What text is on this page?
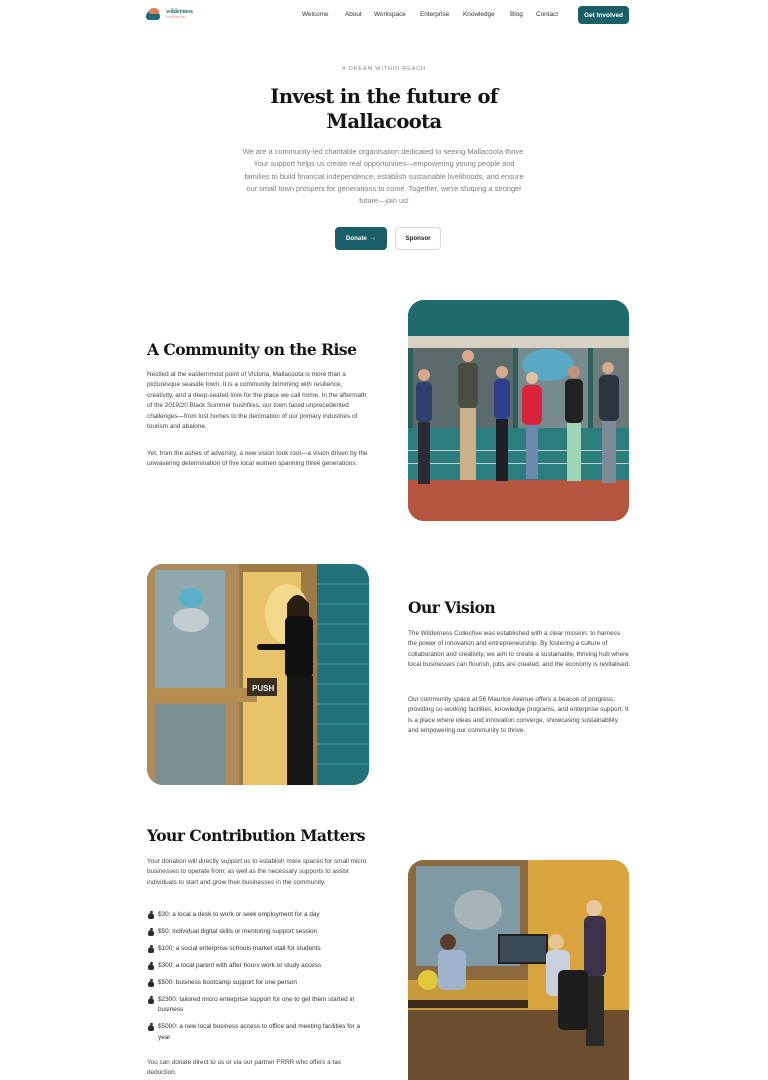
wilderness
collective	Welcome	About	Workspace	Enterprise	Knowledge	Blog	Contact	Get Involved
A DREAM WITHIN REACH
Invest in the future of
Mallacoota
We are a community-led charitable organisation dedicated to seeing Mallacoota thrive. Your support helps us create real opportunities—empowering young people and families to build financial independence, establish sustainable livelihoods, and ensure our small town prospers for generations to come. Together, we're shaping a stronger future—join us!
Donate →	Sponsor
A Community on the Rise
Nestled at the easternmost point of Victoria, Mallacoota is more than a picturesque seaside town. It is a community brimming with resilience, creativity, and a deep-seated love for the place we call home. In the aftermath of the 2019/20 Black Summer bushfires, our town faced unprecedented challenges—from lost homes to the decimation of our primary industries of tourism and abalone.
Yet, from the ashes of adversity, a new vision took root—a vision driven by the unwavering determination of five local women spanning three generations.
PUSH
Our Vision
The Wilderness Collective was established with a clear mission: to harness the power of innovation and entrepreneurship. By fostering a culture of collaboration and creativity, we aim to create a sustainable, thriving hub where local businesses can flourish, jobs are created, and the economy is revitalised.
Our community space at 56 Maurice Avenue offers a beacon of progress, providing co-working facilities, knowledge programs, and enterprise support. It is a place where ideas and innovation converge, showcasing sustainability and empowering our community to thrive.
Your Contribution Matters
Your donation will directly support us to establish more spaces for small micro businesses to operate from; as well as the necessary supports to assist individuals to start and grow their businesses in the community.
$30: a local a desk to work or seek employment for a day
$50: individual digital skills or mentoring support session
$100: a social enterprise schools market stall for students
$300: a local parent with after hours work or study access
$500: business bootcamp support for one person
$2300: tailored micro enterprise support for one to get them started in business
$5000: a new local business access to office and meeting facilities for a year
You can donate direct to us or via our partner FRRR who offers a tax deduction.
